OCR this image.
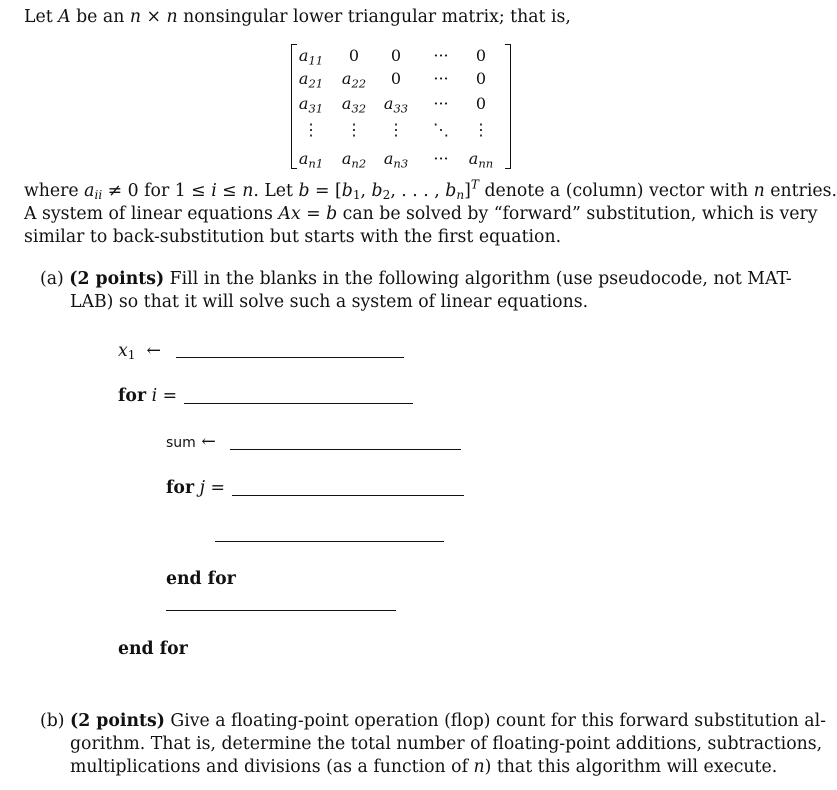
Let A be an n × n nonsingular lower triangular matrix; that is,
$a_{11}$ 0 0 ··· 0
$a_{21}$ $a_{22}$ 0 ··· 0
$a_{31}$ $a_{32}$ $a_{33}$ ··· 0
⋮ ⋮ ⋮ ⋱ ⋮
$a_{n1}$ $a_{n2}$ $a_{n3}$ ··· $a_{nn}$
where $a_{ii} \ne 0$ for 1 ≤ i ≤ n. Let $b = [b_1$, $b_2$, . . . , $b_n]^T$ denote a (column) vector with n entries.
A system of linear equations Ax = b can be solved by “forward” substitution, which is very
similar to back-substitution but starts with the first equation.
(a) (2 points) Fill in the blanks in the following algorithm (use pseudocode, not MAT-
LAB) so that it will solve such a system of linear equations.
$x_1$ ←
for i =
sum ←
for j =
end for
end for
(b) (2 points) Give a floating-point operation (flop) count for this forward substitution al-
gorithm. That is, determine the total number of floating-point additions, subtractions,
multiplications and divisions (as a function of n) that this algorithm will execute.
